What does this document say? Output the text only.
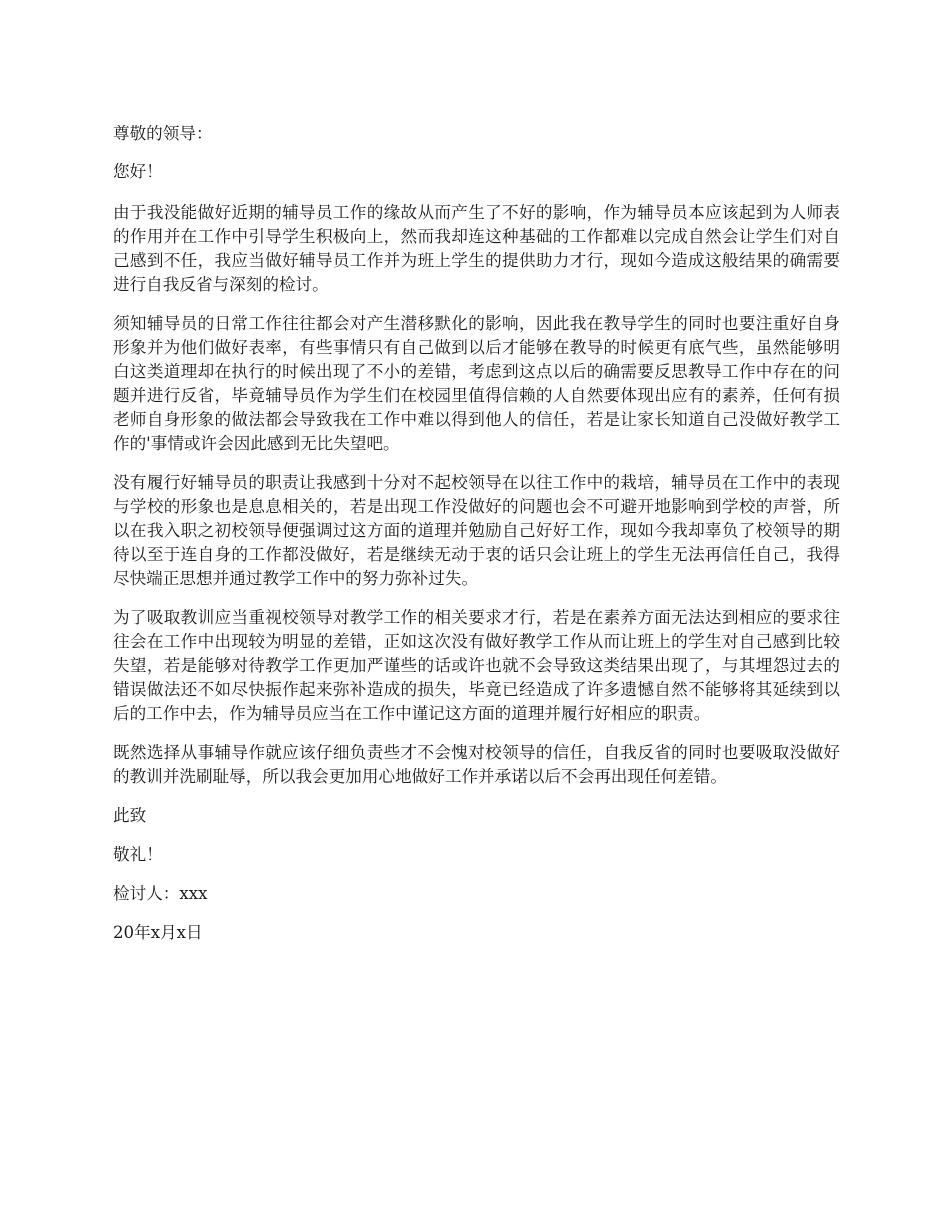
尊敬的领导：

您好！

由于我没能做好近期的辅导员工作的缘故从而产生了不好的影响，作为辅导员本应该起到为人师表的作用并在工作中引导学生积极向上，然而我却连这种基础的工作都难以完成自然会让学生们对自己感到不任，我应当做好辅导员工作并为班上学生的提供助力才行，现如今造成这般结果的确需要进行自我反省与深刻的检讨。

须知辅导员的日常工作往往都会对产生潜移默化的影响，因此我在教导学生的同时也要注重好自身形象并为他们做好表率，有些事情只有自己做到以后才能够在教导的时候更有底气些，虽然能够明白这类道理却在执行的时候出现了不小的差错，考虑到这点以后的确需要反思教导工作中存在的问题并进行反省，毕竟辅导员作为学生们在校园里值得信赖的人自然要体现出应有的素养，任何有损老师自身形象的做法都会导致我在工作中难以得到他人的信任，若是让家长知道自己没做好教学工作的'事情或许会因此感到无比失望吧。

没有履行好辅导员的职责让我感到十分对不起校领导在以往工作中的栽培，辅导员在工作中的表现与学校的形象也是息息相关的，若是出现工作没做好的问题也会不可避开地影响到学校的声誉，所以在我入职之初校领导便强调过这方面的道理并勉励自己好好工作，现如今我却辜负了校领导的期待以至于连自身的工作都没做好，若是继续无动于衷的话只会让班上的学生无法再信任自己，我得尽快端正思想并通过教学工作中的努力弥补过失。

为了吸取教训应当重视校领导对教学工作的相关要求才行，若是在素养方面无法达到相应的要求往往会在工作中出现较为明显的差错，正如这次没有做好教学工作从而让班上的学生对自己感到比较失望，若是能够对待教学工作更加严谨些的话或许也就不会导致这类结果出现了，与其埋怨过去的错误做法还不如尽快振作起来弥补造成的损失，毕竟已经造成了许多遗憾自然不能够将其延续到以后的工作中去，作为辅导员应当在工作中谨记这方面的道理并履行好相应的职责。

既然选择从事辅导作就应该仔细负责些才不会愧对校领导的信任，自我反省的同时也要吸取没做好的教训并洗刷耻辱，所以我会更加用心地做好工作并承诺以后不会再出现任何差错。

此致

敬礼！

检讨人：xxx

20年x月x日
